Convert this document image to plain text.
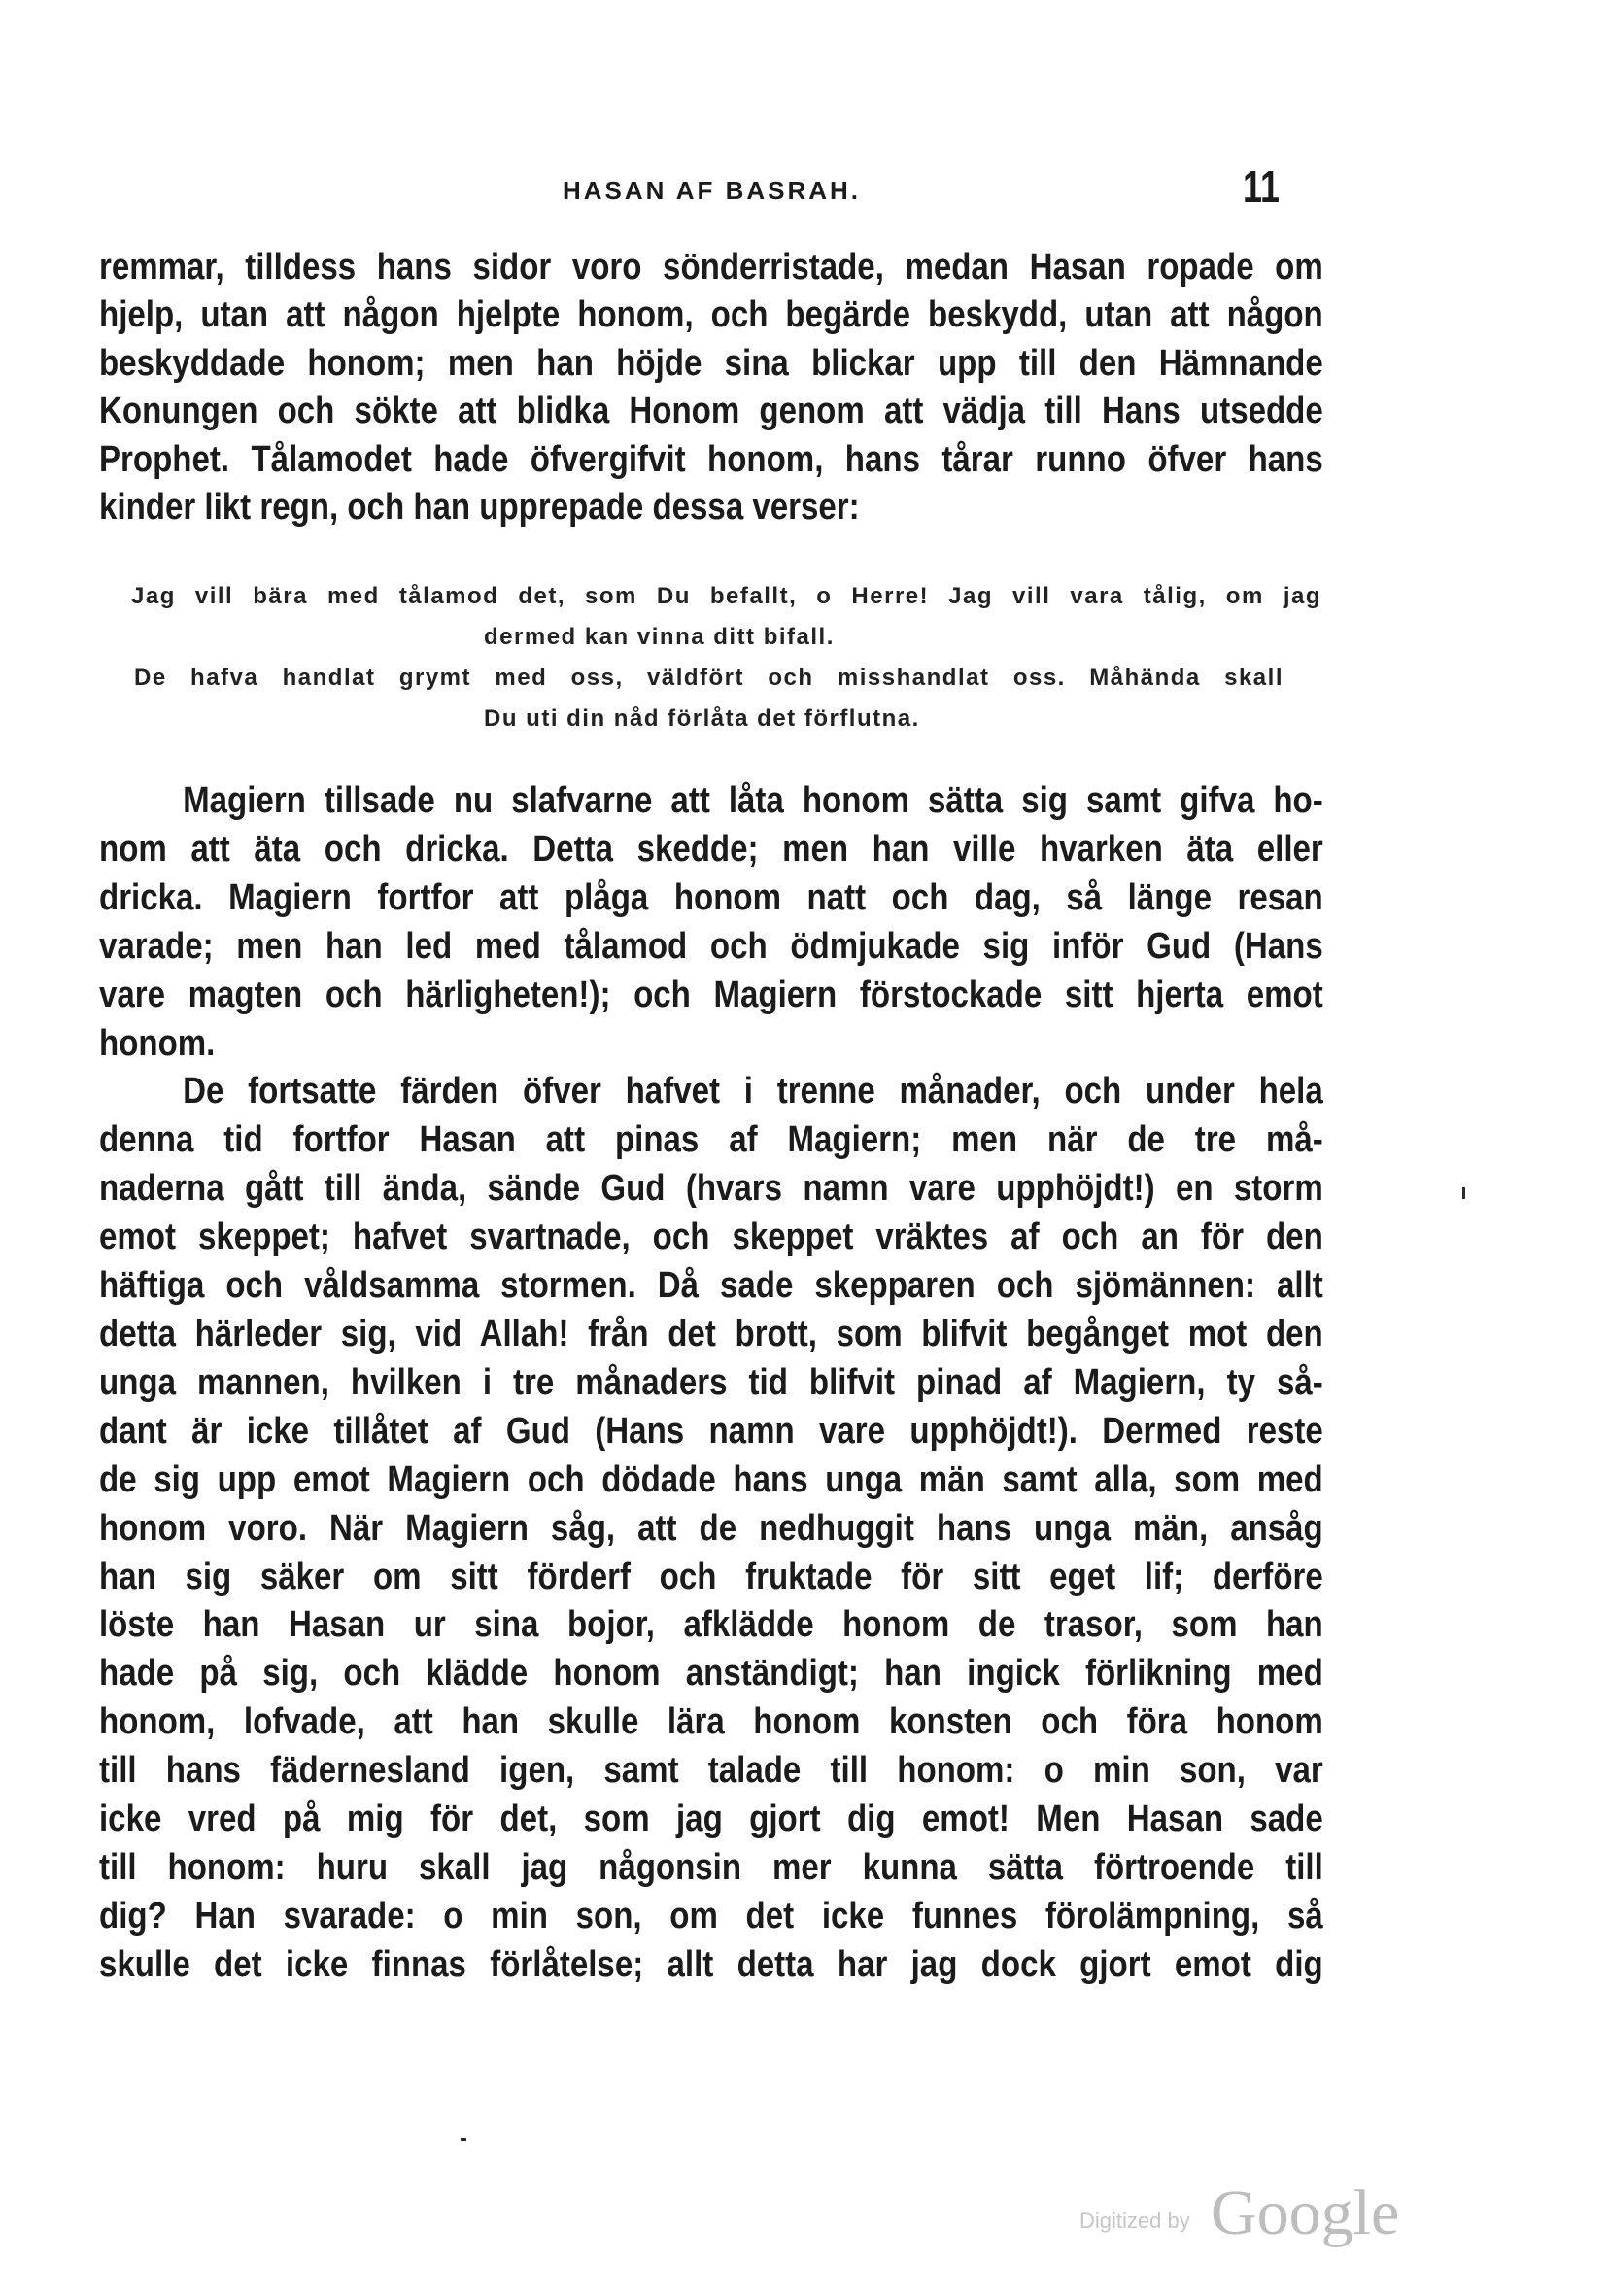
HASAN AF BASRAH.	11
remmar, tilldess hans sidor voro sönderristade, medan Hasan ropade om
hjelp, utan att någon hjelpte honom, och begärde beskydd, utan att någon
beskyddade honom; men han höjde sina blickar upp till den Hämnande
Konungen och sökte att blidka Honom genom att vädja till Hans utsedde
Prophet. Tålamodet hade öfvergifvit honom, hans tårar runno öfver hans
kinder likt regn, och han upprepade dessa verser:
Jag vill bära med tålamod det, som Du befallt, o Herre! Jag vill vara tålig, om jag
dermed kan vinna ditt bifall.
De hafva handlat grymt med oss, väldfört och misshandlat oss. Måhända skall
Du uti din nåd förlåta det förflutna.
Magiern tillsade nu slafvarne att låta honom sätta sig samt gifva ho-
nom att äta och dricka. Detta skedde; men han ville hvarken äta eller
dricka. Magiern fortfor att plåga honom natt och dag, så länge resan
varade; men han led med tålamod och ödmjukade sig inför Gud (Hans
vare magten och härligheten!); och Magiern förstockade sitt hjerta emot
honom.
De fortsatte färden öfver hafvet i trenne månader, och under hela
denna tid fortfor Hasan att pinas af Magiern; men när de tre må-
naderna gått till ända, sände Gud (hvars namn vare upphöjdt!) en storm
emot skeppet; hafvet svartnade, och skeppet vräktes af och an för den
häftiga och våldsamma stormen. Då sade skepparen och sjömännen: allt
detta härleder sig, vid Allah! från det brott, som blifvit begånget mot den
unga mannen, hvilken i tre månaders tid blifvit pinad af Magiern, ty så-
dant är icke tillåtet af Gud (Hans namn vare upphöjdt!). Dermed reste
de sig upp emot Magiern och dödade hans unga män samt alla, som med
honom voro. När Magiern såg, att de nedhuggit hans unga män, ansåg
han sig säker om sitt förderf och fruktade för sitt eget lif; derföre
löste han Hasan ur sina bojor, afklädde honom de trasor, som han
hade på sig, och klädde honom anständigt; han ingick förlikning med
honom, lofvade, att han skulle lära honom konsten och föra honom
till hans fädernesland igen, samt talade till honom: o min son, var
icke vred på mig för det, som jag gjort dig emot! Men Hasan sade
till honom: huru skall jag någonsin mer kunna sätta förtroende till
dig? Han svarade: o min son, om det icke funnes förolämpning, så
skulle det icke finnas förlåtelse; allt detta har jag dock gjort emot dig
Digitized by Google
